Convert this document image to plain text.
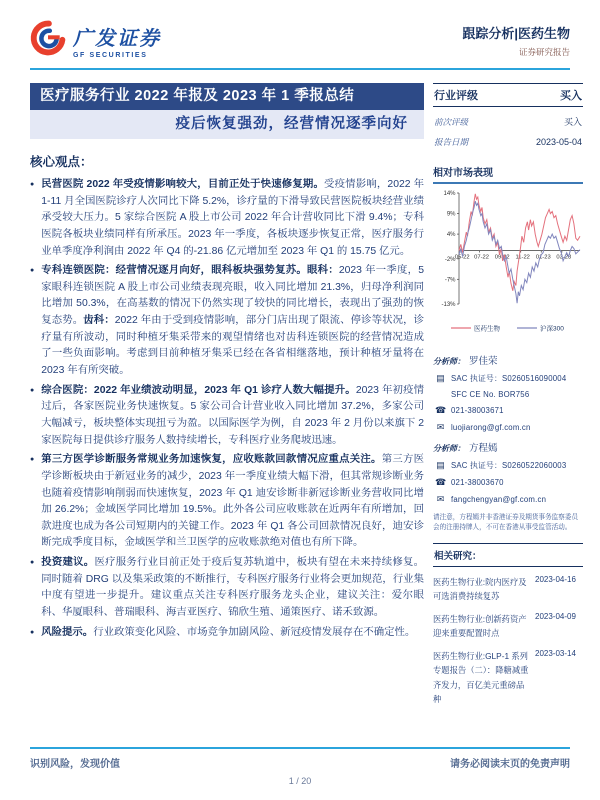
广发证券
GF SECURITIES
跟踪分析|医药生物
证券研究报告
医疗服务行业 2022 年报及 2023 年 1 季报总结
疫后恢复强劲，经营情况逐季向好
核心观点：
● 民营医院 2022 年受疫情影响较大，目前正处于快速修复期。受疫情影响，2022 年 1-11 月全国医院诊疗人次同比下降 5.2%，诊疗量的下滑导致民营医院板块经营业绩承受较大压力。5 家综合医院 A 股上市公司 2022 年合计营收同比下滑 9.4%；专科医院各板块业绩同样有所承压。2023 年一季度，各板块逐步恢复正常，医疗服务行业单季度净利润由 2022 年 Q4 的-21.86 亿元增加至 2023 年 Q1 的 15.75 亿元。
● 专科连锁医院：经营情况逐月向好，眼科板块强势复苏。眼科：2023 年一季度，5 家眼科连锁医院 A 股上市公司业绩表现亮眼，收入同比增加 21.3%，归母净利润同比增加 50.3%，在高基数的情况下仍然实现了较快的同比增长，表现出了强劲的恢复态势。齿科：2022 年由于受到疫情影响，部分门店出现了限流、停诊等状况，诊疗量有所波动，同时种植牙集采带来的观望情绪也对齿科连锁医院的经营情况造成了一些负面影响。考虑到目前种植牙集采已经在各省相继落地，预计种植牙量将在 2023 年有所突破。
● 综合医院：2022 年业绩波动明显，2023 年 Q1 诊疗人数大幅提升。2023 年初疫情过后，各家医院业务快速恢复。5 家公司合计营业收入同比增加 37.2%，多家公司大幅减亏，板块整体实现扭亏为盈。以国际医学为例，自 2023 年 2 月份以来旗下 2 家医院每日提供诊疗服务人数持续增长，专科医疗业务爬坡迅速。
● 第三方医学诊断服务常规业务加速恢复，应收账款回款情况应重点关注。第三方医学诊断板块由于新冠业务的减少，2023 年一季度业绩大幅下滑，但其常规诊断业务也随着疫情影响削弱而快速恢复，2023 年 Q1 迪安诊断非新冠诊断业务营收同比增加 26.2%；金域医学同比增加 19.5%。此外各公司应收账款在近两年有所增加，回款进度也成为各公司短期内的关键工作。2023 年 Q1 各公司回款情况良好，迪安诊断完成季度目标，金域医学和兰卫医学的应收账款绝对值也有所下降。
● 投资建议。医疗服务行业目前正处于疫后复苏轨道中，板块有望在未来持续修复。同时随着 DRG 以及集采政策的不断推行，专科医疗服务行业将会更加规范，行业集中度有望进一步提升。建议重点关注专科医疗服务龙头企业，建议关注：爱尔眼科、华厦眼科、普瑞眼科、海吉亚医疗、锦欣生殖、通策医疗、诺禾致源。
● 风险提示。行业政策变化风险、市场竞争加剧风险、新冠疫情发展存在不确定性。
行业评级	买入
前次评级	买入
报告日期	2023-05-04
相对市场表现
14%
9%
4%
-2%
-7%
-13%
05-22 07-22 09-22 11-22 01-23 03-23
医药生物	沪深300
分析师： 罗佳荣
▤ SAC 执证号：S0260516090004
SFC CE No. BOR756
☎ 021-38003671
✉ luojiarong@gf.com.cn
分析师： 方程嫣
▤ SAC 执证号：S0260522060003
☎ 021-38003670
✉ fangchengyan@gf.com.cn
请注意，方程嫣并非香港证券及期货事务监察委员会的注册持牌人，不可在香港从事受监管活动。
相关研究：
医药生物行业:院内医疗及可选消费持续复苏
2023-04-16
医药生物行业:创新药资产迎来重要配置时点
2023-04-09
医药生物行业:GLP-1 系列专题报告（二）：降糖减重齐发力，百亿美元重磅品种
2023-03-14
识别风险，发现价值	请务必阅读末页的免责声明
1 / 20
